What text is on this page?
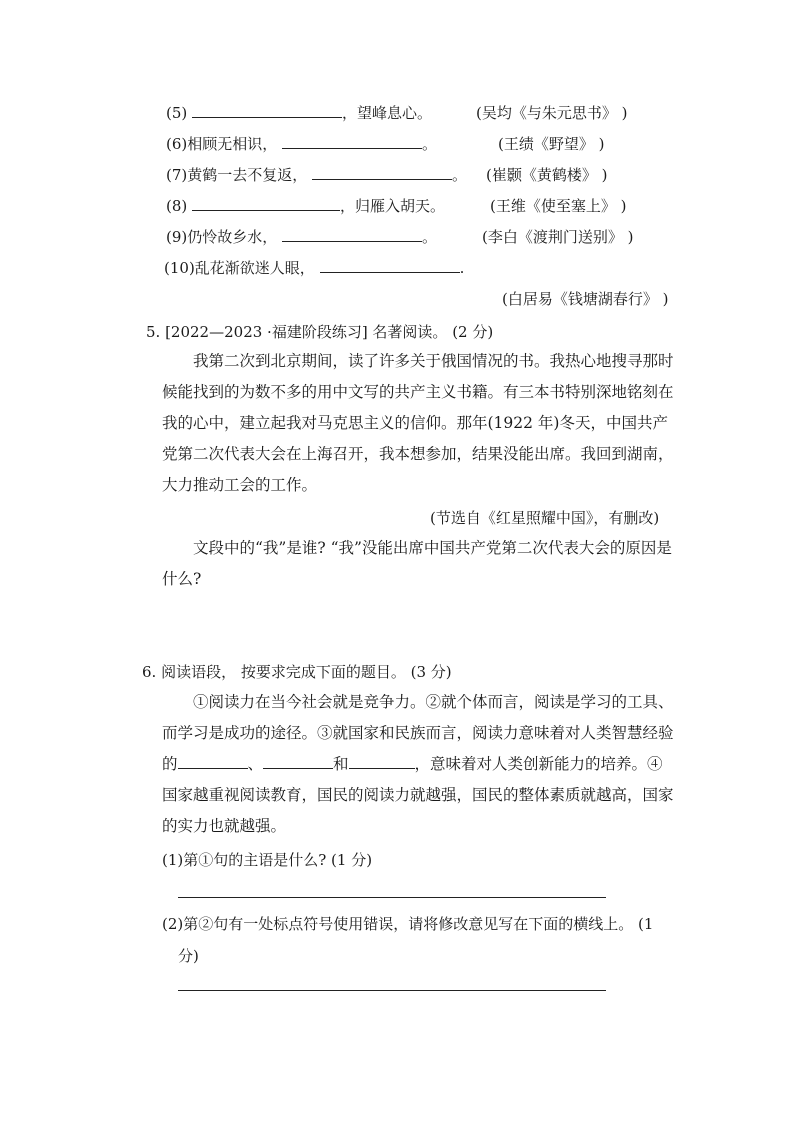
(5)	，望峰息心。	(吴均《与朱元思书》 )
(6)相顾无相识，	。	(王绩《野望》 )
(7)黄鹤一去不复返，	。 (崔颢《黄鹤楼》 )
(8)	，归雁入胡天。	(王维《使至塞上》 )
(9)仍怜故乡水，	。	(李白《渡荆门送别》 )
(10)乱花渐欲迷人眼，	.
(白居易《钱塘湖春行》 )
5. [2022—2023 ·福建阶段练习] 名著阅读。 (2 分)
我第二次到北京期间，读了许多关于俄国情况的书。我热心地搜寻那时候能找到的为数不多的用中文写的共产主义书籍。有三本书特别深地铭刻在我的心中，建立起我对马克思主义的信仰。那年(1922 年)冬天，中国共产党第二次代表大会在上海召开，我本想参加，结果没能出席。我回到湖南，大力推动工会的工作。
(节选自《红星照耀中国》，有删改)
文段中的“我”是谁? “我”没能出席中国共产党第二次代表大会的原因是什么?
6. 阅读语段， 按要求完成下面的题目。 (3 分)
①阅读力在当今社会就是竞争力。②就个体而言，阅读是学习的工具、而学习是成功的途径。③就国家和民族而言，阅读力意味着对人类智慧经验的	、	和	，意味着对人类创新能力的培养。④国家越重视阅读教育，国民的阅读力就越强，国民的整体素质就越高，国家的实力也就越强。
(1)第①句的主语是什么? (1 分)
(2)第②句有一处标点符号使用错误，请将修改意见写在下面的横线上。 (1
分)
